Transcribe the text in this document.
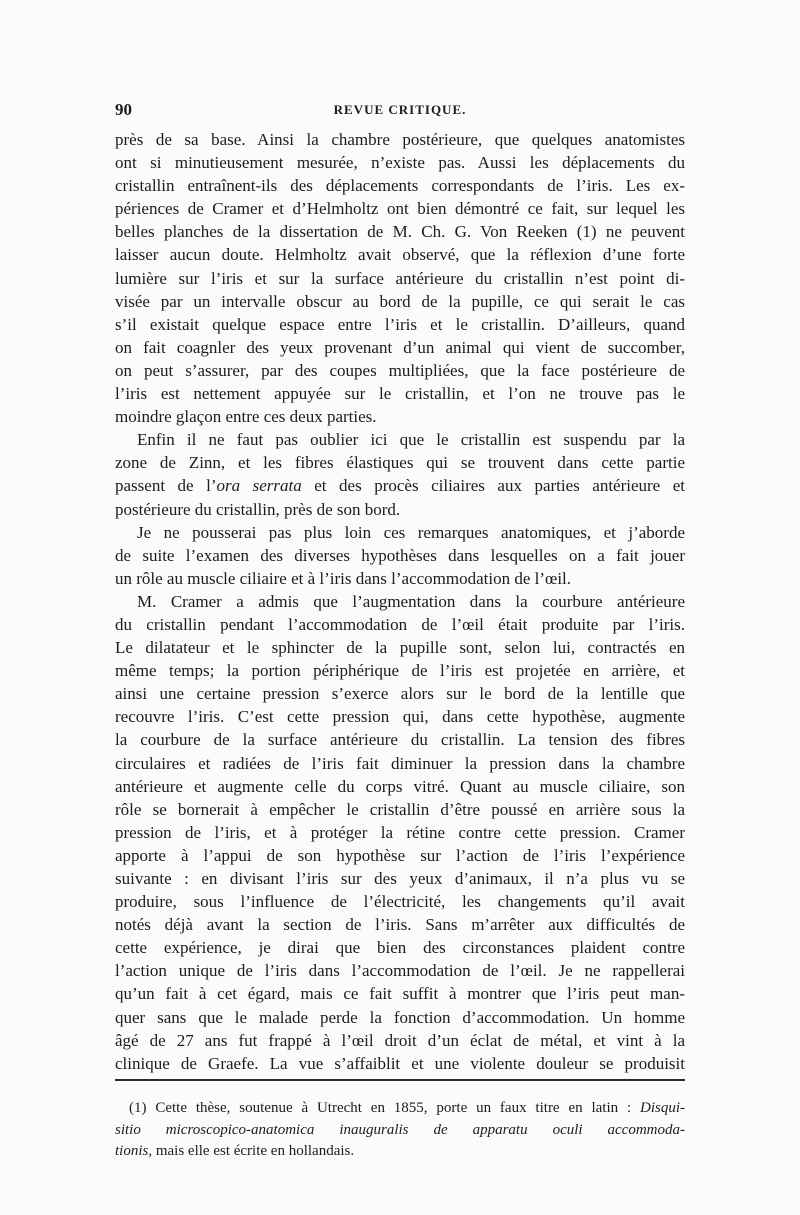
90	REVUE CRITIQUE.
près de sa base. Ainsi la chambre postérieure, que quelques anatomistes
ont si minutieusement mesurée, n’existe pas. Aussi les déplacements du
cristallin entraînent-ils des déplacements correspondants de l’iris. Les ex-
périences de Cramer et d’Helmholtz ont bien démontré ce fait, sur lequel les
belles planches de la dissertation de M. Ch. G. Von Reeken (1) ne peuvent
laisser aucun doute. Helmholtz avait observé, que la réflexion d’une forte
lumière sur l’iris et sur la surface antérieure du cristallin n’est point di-
visée par un intervalle obscur au bord de la pupille, ce qui serait le cas
s’il existait quelque espace entre l’iris et le cristallin. D’ailleurs, quand
on fait coagnler des yeux provenant d’un animal qui vient de succomber,
on peut s’assurer, par des coupes multipliées, que la face postérieure de
l’iris est nettement appuyée sur le cristallin, et l’on ne trouve pas le
moindre glaçon entre ces deux parties.
Enfin il ne faut pas oublier ici que le cristallin est suspendu par la
zone de Zinn, et les fibres élastiques qui se trouvent dans cette partie
passent de l’ora serrata et des procès ciliaires aux parties antérieure et
postérieure du cristallin, près de son bord.
Je ne pousserai pas plus loin ces remarques anatomiques, et j’aborde
de suite l’examen des diverses hypothèses dans lesquelles on a fait jouer
un rôle au muscle ciliaire et à l’iris dans l’accommodation de l’œil.
M. Cramer a admis que l’augmentation dans la courbure antérieure
du cristallin pendant l’accommodation de l’œil était produite par l’iris.
Le dilatateur et le sphincter de la pupille sont, selon lui, contractés en
même temps; la portion périphérique de l’iris est projetée en arrière, et
ainsi une certaine pression s’exerce alors sur le bord de la lentille que
recouvre l’iris. C’est cette pression qui, dans cette hypothèse, augmente
la courbure de la surface antérieure du cristallin. La tension des fibres
circulaires et radiées de l’iris fait diminuer la pression dans la chambre
antérieure et augmente celle du corps vitré. Quant au muscle ciliaire, son
rôle se bornerait à empêcher le cristallin d’être poussé en arrière sous la
pression de l’iris, et à protéger la rétine contre cette pression. Cramer
apporte à l’appui de son hypothèse sur l’action de l’iris l’expérience
suivante : en divisant l’iris sur des yeux d’animaux, il n’a plus vu se
produire, sous l’influence de l’électricité, les changements qu’il avait
notés déjà avant la section de l’iris. Sans m’arrêter aux difficultés de
cette expérience, je dirai que bien des circonstances plaident contre
l’action unique de l’iris dans l’accommodation de l’œil. Je ne rappellerai
qu’un fait à cet égard, mais ce fait suffit à montrer que l’iris peut man-
quer sans que le malade perde la fonction d’accommodation. Un homme
âgé de 27 ans fut frappé à l’œil droit d’un éclat de métal, et vint à la
clinique de Graefe. La vue s’affaiblit et une violente douleur se produisit
(1) Cette thèse, soutenue à Utrecht en 1855, porte un faux titre en latin : Disqui-
sitio microscopico-anatomica inauguralis de apparatu oculi accommoda-
tionis, mais elle est écrite en hollandais.
